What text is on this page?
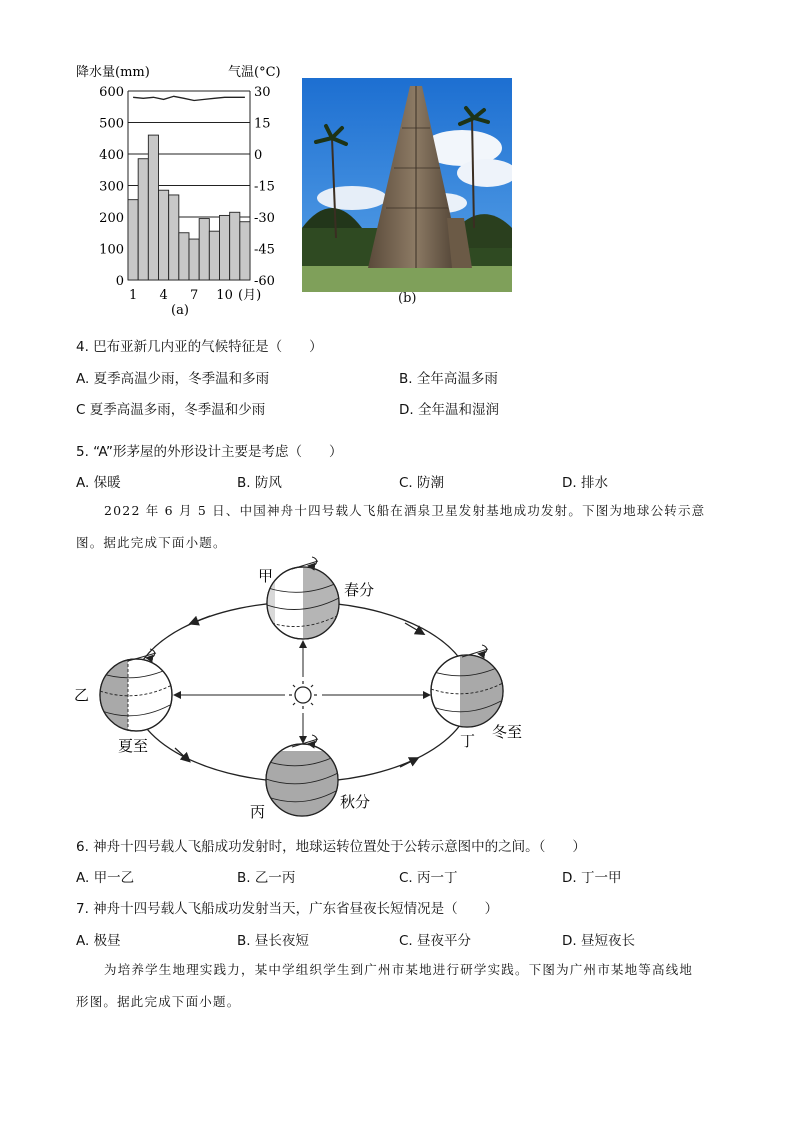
降水量(mm)	气温(°C)
600
500
400
300
200
100
0
30
15
0
-15
-30
-45
-60
1 4 7 10 (月)
(a)
(b)
4. 巴布亚新几内亚的气候特征是（　　）
A. 夏季高温少雨，冬季温和多雨	B. 全年高温多雨
C 夏季高温多雨，冬季温和少雨	D. 全年温和湿润
5. “A”形茅屋的外形设计主要是考虑（　　）
A. 保暖	B. 防风	C. 防潮	D. 排水
2022 年 6 月 5 日、中国神舟十四号载人飞船在酒泉卫星发射基地成功发射。下图为地球公转示意
图。据此完成下面小题。
甲
春分
乙
夏至	丁 冬至
丙
秋分
6. 神舟十四号载人飞船成功发射时，地球运转位置处于公转示意图中的之间。（　　）
A. 甲一乙	B. 乙一丙	C. 丙一丁	D. 丁一甲
7. 神舟十四号载人飞船成功发射当天，广东省昼夜长短情况是（　　）
A. 极昼	B. 昼长夜短	C. 昼夜平分	D. 昼短夜长
为培养学生地理实践力，某中学组织学生到广州市某地进行研学实践。下图为广州市某地等高线地
形图。据此完成下面小题。
